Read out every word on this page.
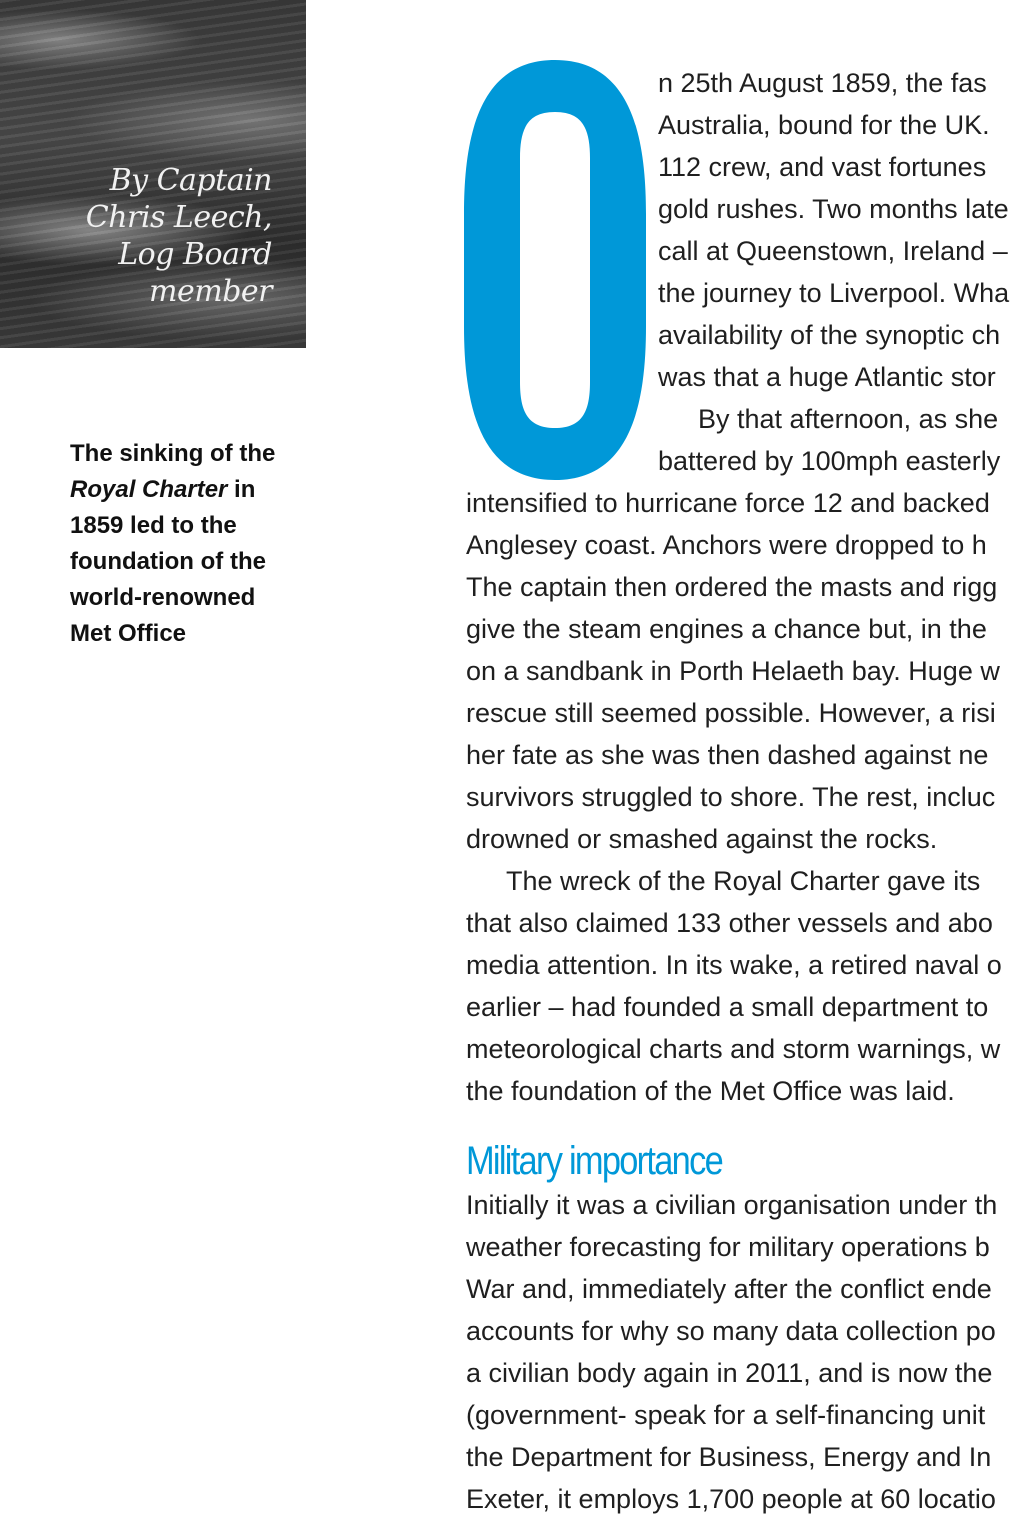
By Captain
Chris Leech,
Log Board
member
The sinking of the
Royal Charter in
1859 led to the
foundation of the
world-renowned
Met Office
n 25th August 1859, the fas
Australia, bound for the UK.
112 crew, and vast fortunes
gold rushes. Two months late
call at Queenstown, Ireland –
the journey to Liverpool. Wha
availability of the synoptic ch
was that a huge Atlantic stor
By that afternoon, as she
battered by 100mph easterly
intensified to hurricane force 12 and backed
Anglesey coast. Anchors were dropped to h
The captain then ordered the masts and rigg
give the steam engines a chance but, in the
on a sandbank in Porth Helaeth bay. Huge w
rescue still seemed possible. However, a risi
her fate as she was then dashed against ne
survivors struggled to shore. The rest, incluc
drowned or smashed against the rocks.
The wreck of the Royal Charter gave its
that also claimed 133 other vessels and abo
media attention. In its wake, a retired naval o
earlier – had founded a small department to
meteorological charts and storm warnings, w
the foundation of the Met Office was laid.
Military importance
Initially it was a civilian organisation under th
weather forecasting for military operations b
War and, immediately after the conflict ende
accounts for why so many data collection po
a civilian body again in 2011, and is now the
(government- speak for a self-financing unit
the Department for Business, Energy and In
Exeter, it employs 1,700 people at 60 locatio
